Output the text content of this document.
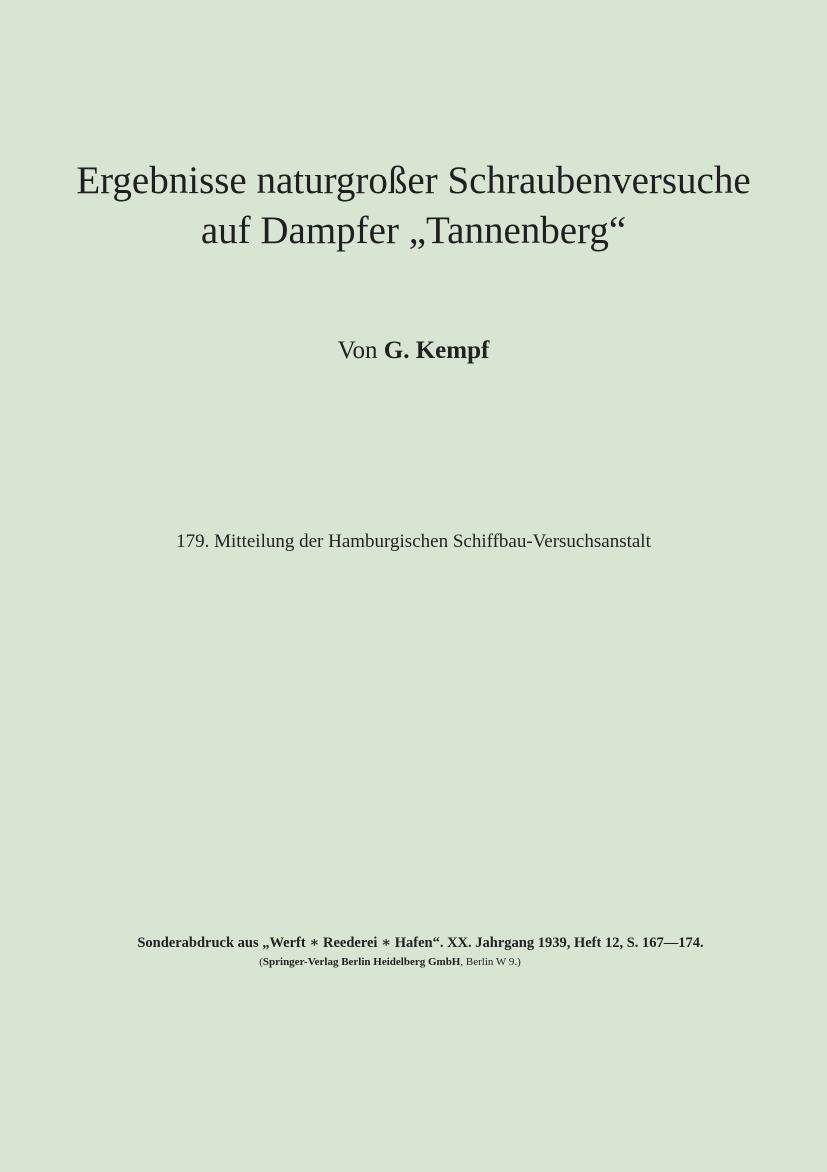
Ergebnisse naturgroßer Schraubenversuche
auf Dampfer „Tannenberg“
Von G. Kempf
179. Mitteilung der Hamburgischen Schiffbau-Versuchsanstalt
Sonderabdruck aus „Werft ∗ Reederei ∗ Hafen“. XX. Jahrgang 1939, Heft 12, S. 167—174.
(Springer-Verlag Berlin Heidelberg GmbH, Berlin W 9.)
